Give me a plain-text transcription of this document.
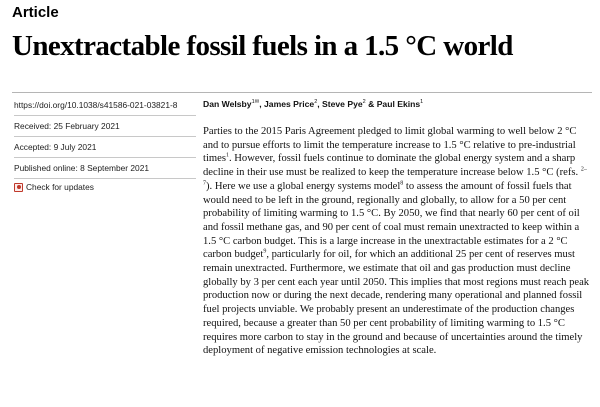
Article
Unextractable fossil fuels in a 1.5 °C world
https://doi.org/10.1038/s41586-021-03821-8
Received: 25 February 2021
Accepted: 9 July 2021
Published online: 8 September 2021
Check for updates
Dan Welsby$^{1✉}$, James Price$^2$, Steve Pye$^2$ & Paul Ekins$^1$
Parties to the 2015 Paris Agreement pledged to limit global warming to well below 2 °C and to pursue efforts to limit the temperature increase to 1.5 °C relative to pre-industrial times$^1$. However, fossil fuels continue to dominate the global energy system and a sharp decline in their use must be realized to keep the temperature increase below 1.5 °C (refs. $^{2-7}$). Here we use a global energy systems model$^8$ to assess the amount of fossil fuels that would need to be left in the ground, regionally and globally, to allow for a 50 per cent probability of limiting warming to 1.5 °C. By 2050, we find that nearly 60 per cent of oil and fossil methane gas, and 90 per cent of coal must remain unextracted to keep within a 1.5 °C carbon budget. This is a large increase in the unextractable estimates for a 2 °C carbon budget$^9$, particularly for oil, for which an additional 25 per cent of reserves must remain unextracted. Furthermore, we estimate that oil and gas production must decline globally by 3 per cent each year until 2050. This implies that most regions must reach peak production now or during the next decade, rendering many operational and planned fossil fuel projects unviable. We probably present an underestimate of the production changes required, because a greater than 50 per cent probability of limiting warming to 1.5 °C requires more carbon to stay in the ground and because of uncertainties around the timely deployment of negative emission technologies at scale.
